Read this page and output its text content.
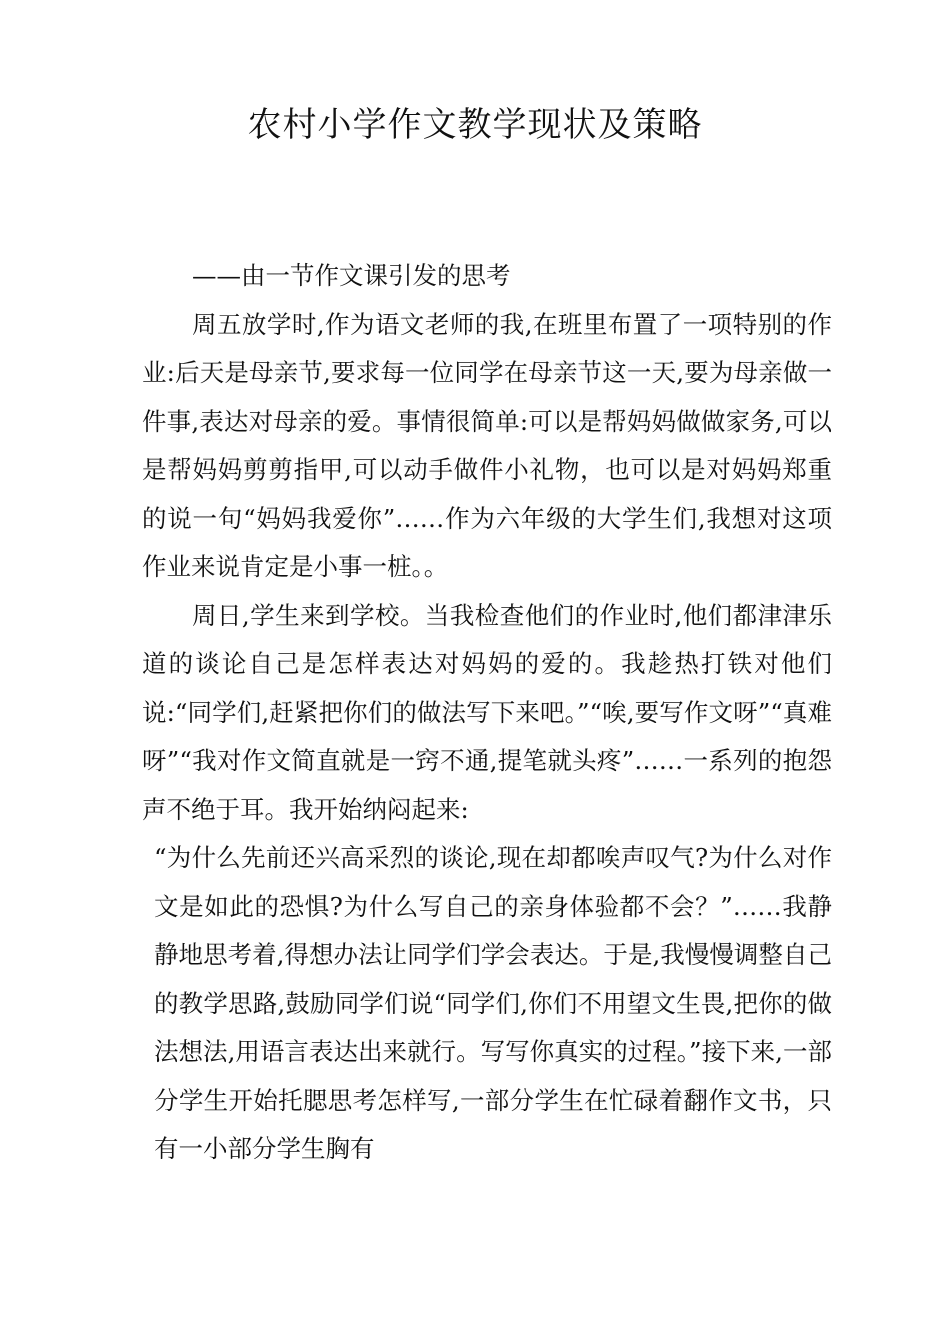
农村小学作文教学现状及策略

——由一节作文课引发的思考

周五放学时,作为语文老师的我,在班里布置了一项特别的作业:后天是母亲节,要求每一位同学在母亲节这一天,要为母亲做一件事,表达对母亲的爱。事情很简单:可以是帮妈妈做做家务,可以是帮妈妈剪剪指甲,可以动手做件小礼物，也可以是对妈妈郑重的说一句“妈妈我爱你”……作为六年级的大学生们,我想对这项作业来说肯定是小事一桩。。

周日,学生来到学校。当我检查他们的作业时,他们都津津乐道的谈论自己是怎样表达对妈妈的爱的。我趁热打铁对他们说:“同学们,赶紧把你们的做法写下来吧。”“唉,要写作文呀”“真难呀”“我对作文简直就是一窍不通,提笔就头疼”……一系列的抱怨声不绝于耳。我开始纳闷起来:

“为什么先前还兴高采烈的谈论,现在却都唉声叹气?为什么对作文是如此的恐惧?为什么写自己的亲身体验都不会？”……我静静地思考着,得想办法让同学们学会表达。于是,我慢慢调整自己的教学思路,鼓励同学们说“同学们,你们不用望文生畏,把你的做法想法,用语言表达出来就行。写写你真实的过程。”接下来,一部分学生开始托腮思考怎样写,一部分学生在忙碌着翻作文书，只有一小部分学生胸有
